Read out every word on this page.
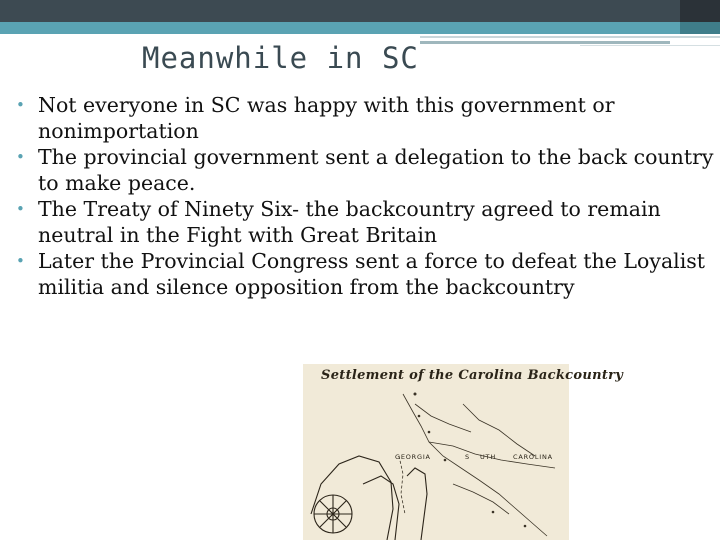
Meanwhile in SC
• Not everyone in SC was happy with this government or nonimportation
• The provincial government sent a delegation to the back country to make peace.
• The Treaty of Ninety Six- the backcountry agreed to remain neutral in the Fight with Great Britain
• Later the Provincial Congress sent a force to defeat the Loyalist militia and silence opposition from the backcountry
Settlement of the Carolina Backcountry
GEORGIA	S UTH	CAROLINA
